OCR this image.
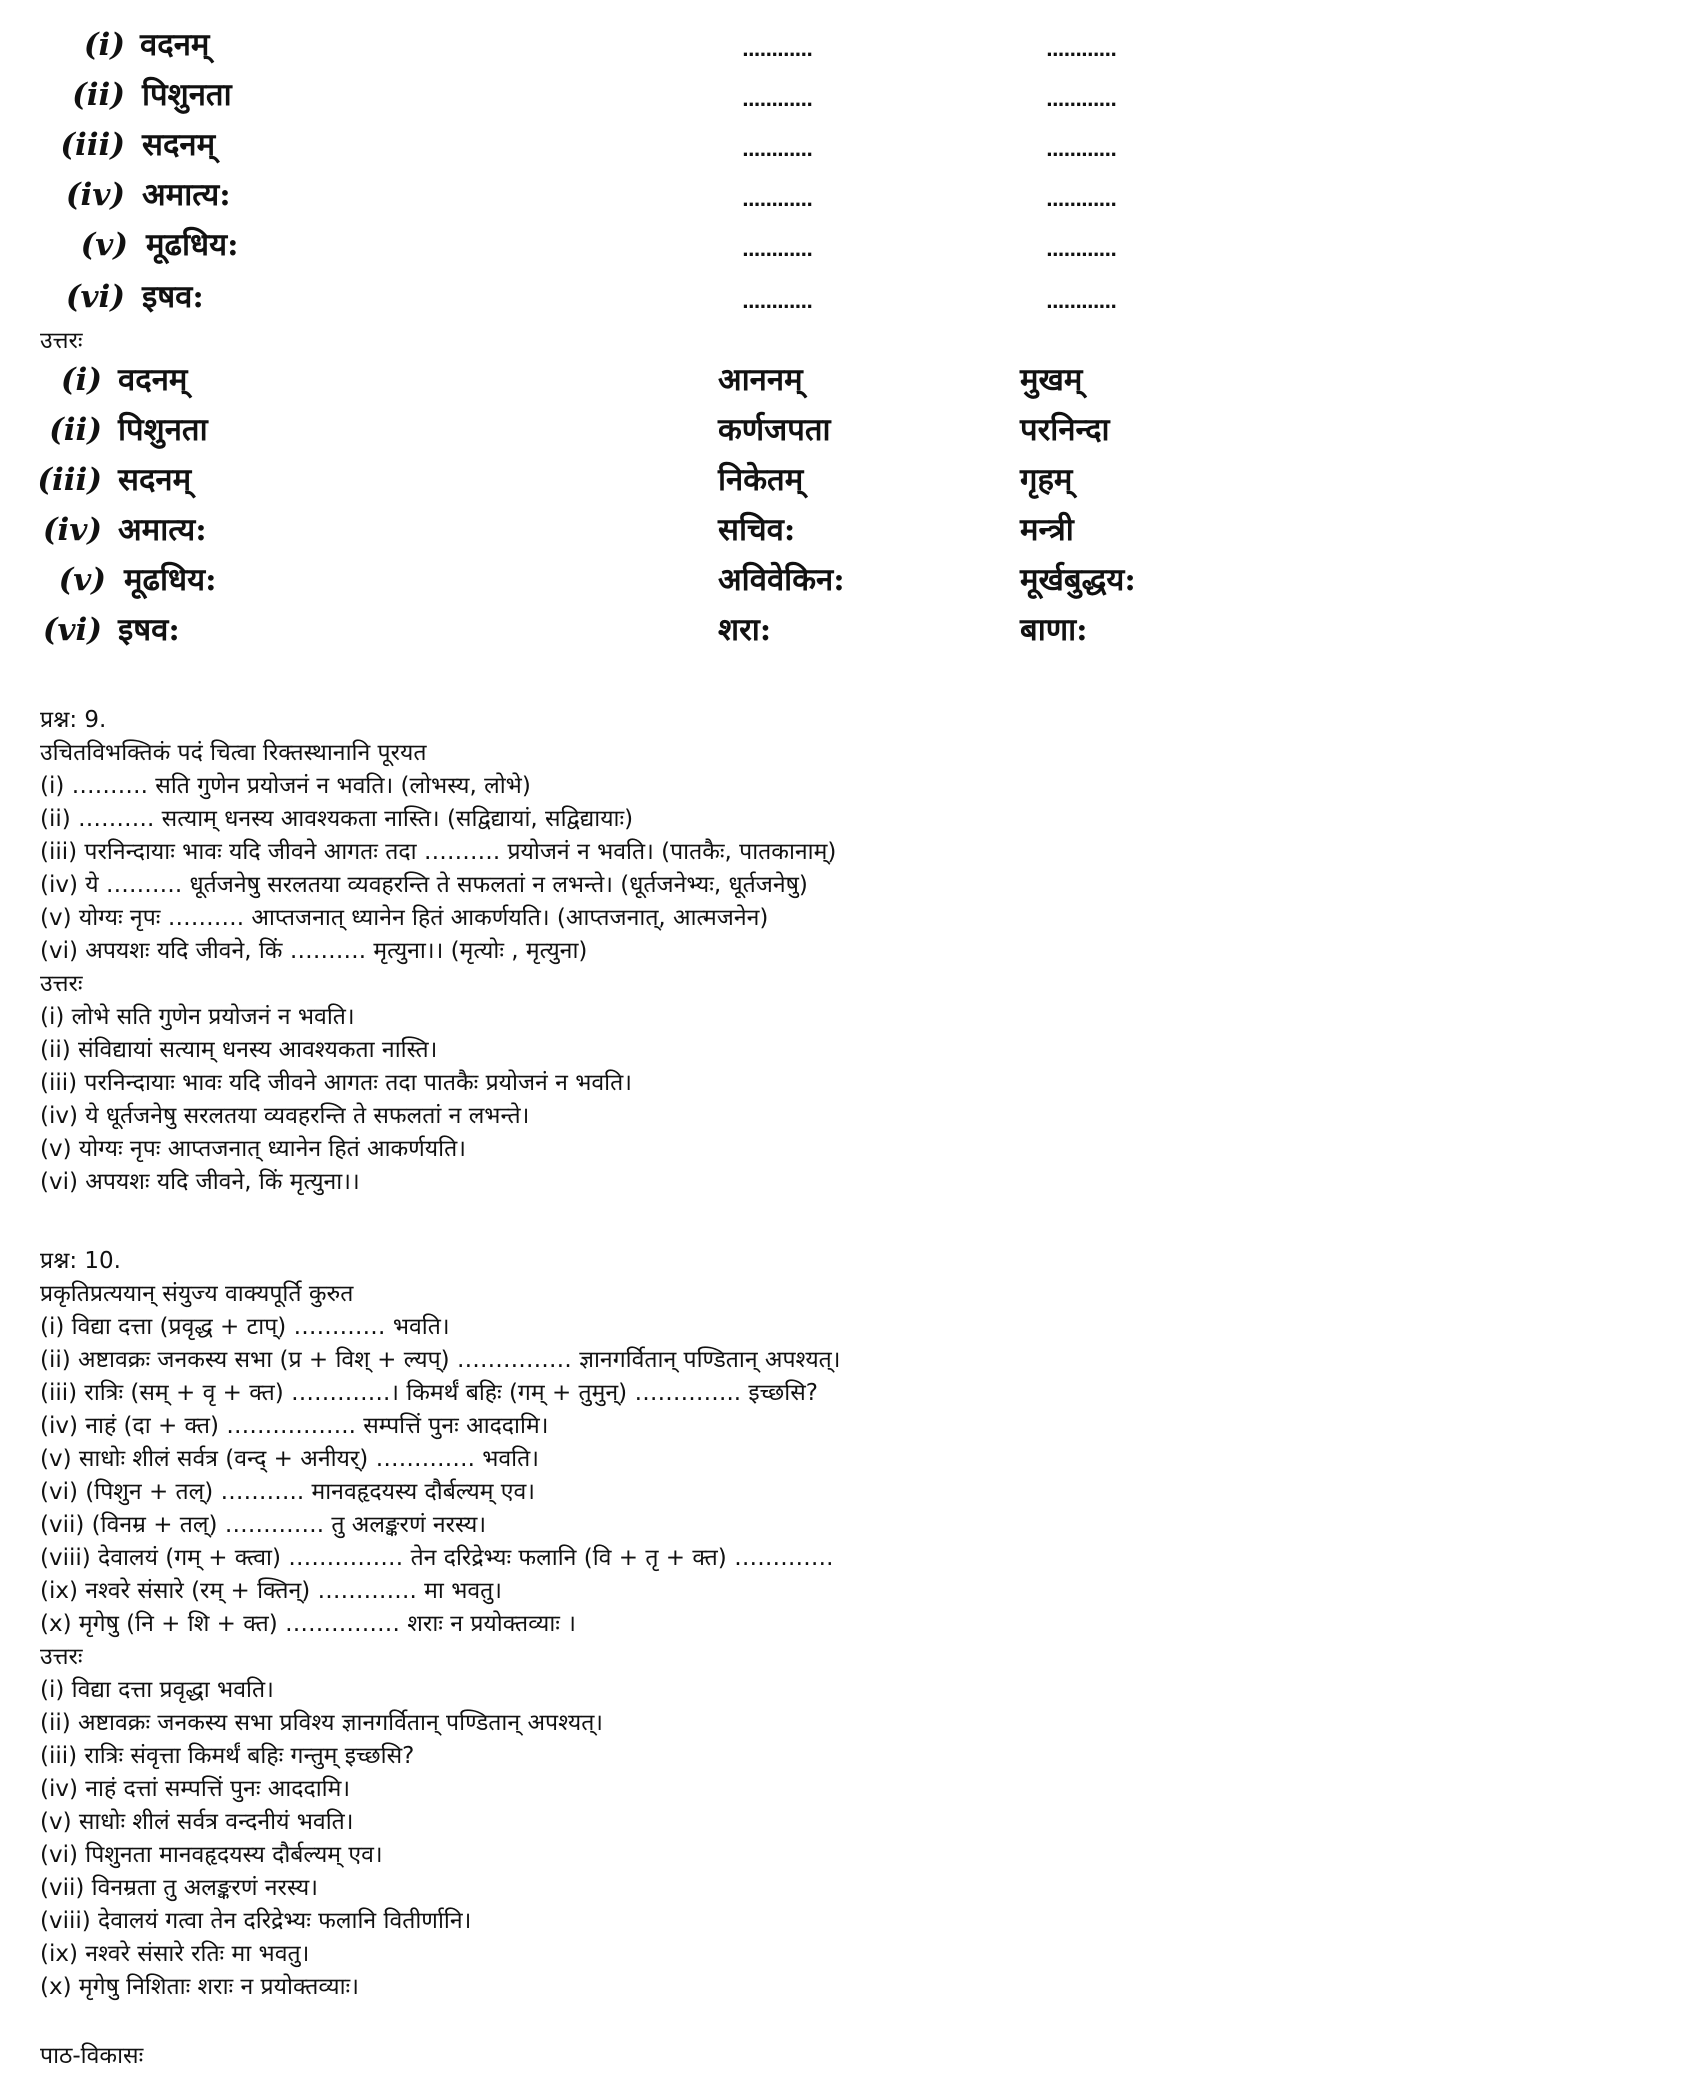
(i) वदनम्	............	............
(ii) पिशुनता	............	............
(iii) सदनम्	............	............
(iv) अमात्य:	............	............
(v) मूढधिय:	............	............
(vi) इषव:	............	............
उत्तरः
(i) वदनम्	आननम्	मुखम्
(ii) पिशुनता	कर्णजपता	परनिन्दा
(iii) सदनम्	निकेतम्	गृहम्
(iv) अमात्य:	सचिव:	मन्त्री
(v) मूढधिय:	अविवेकिन:	मूर्खबुद्धय:
(vi) इषव:	शरा:	बाणा:
प्रश्न: 9.
उचितविभक्तिकं पदं चित्वा रिक्तस्थानानि पूरयत
(i) ………. सति गुणेन प्रयोजनं न भवति। (लोभस्य, लोभे)
(ii) ………. सत्याम् धनस्य आवश्यकता नास्ति। (सद्विद्यायां, सद्विद्यायाः)
(iii) परनिन्दायाः भावः यदि जीवने आगतः तदा ………. प्रयोजनं न भवति। (पातकैः, पातकानाम्)
(iv) ये ………. धूर्तजनेषु सरलतया व्यवहरन्ति ते सफलतां न लभन्ते। (धूर्तजनेभ्यः, धूर्तजनेषु)
(v) योग्यः नृपः ………. आप्तजनात् ध्यानेन हितं आकर्णयति। (आप्तजनात्, आत्मजनेन)
(vi) अपयशः यदि जीवने, किं ………. मृत्युना।। (मृत्योः , मृत्युना)
उत्तरः
(i) लोभे सति गुणेन प्रयोजनं न भवति।
(ii) संविद्यायां सत्याम् धनस्य आवश्यकता नास्ति।
(iii) परनिन्दायाः भावः यदि जीवने आगतः तदा पातकैः प्रयोजनं न भवति।
(iv) ये धूर्तजनेषु सरलतया व्यवहरन्ति ते सफलतां न लभन्ते।
(v) योग्यः नृपः आप्तजनात् ध्यानेन हितं आकर्णयति।
(vi) अपयशः यदि जीवने, किं मृत्युना।।
प्रश्न: 10.
प्रकृतिप्रत्ययान् संयुज्य वाक्यपूर्ति कुरुत
(i) विद्या दत्ता (प्रवृद्ध + टाप्) ………… भवति।
(ii) अष्टावक्रः जनकस्य सभा (प्र + विश् + ल्यप्) …………… ज्ञानगर्वितान् पण्डितान् अपश्यत्।
(iii) रात्रिः (सम् + वृ + क्त) ………….। किमर्थं बहिः (गम् + तुमुन्) ………….. इच्छसि?
(iv) नाहं (दा + क्त) …………….. सम्पत्तिं पुनः आददामि।
(v) साधोः शीलं सर्वत्र (वन्द् + अनीयर्) …………. भवति।
(vi) (पिशुन + तल्) ……….. मानवहृदयस्य दौर्बल्यम् एव।
(vii) (विनम्र + तल्) …………. तु अलङ्करणं नरस्य।
(viii) देवालयं (गम् + क्त्वा) …………… तेन दरिद्रेभ्यः फलानि (वि + तृ + क्त) ………….
(ix) नश्वरे संसारे (रम् + क्तिन्) …………. मा भवतु।
(x) मृगेषु (नि + शि + क्त) …………… शराः न प्रयोक्तव्याः ।
उत्तरः
(i) विद्या दत्ता प्रवृद्धा भवति।
(ii) अष्टावक्रः जनकस्य सभा प्रविश्य ज्ञानगर्वितान् पण्डितान् अपश्यत्।
(iii) रात्रिः संवृत्ता किमर्थं बहिः गन्तुम् इच्छसि?
(iv) नाहं दत्तां सम्पत्तिं पुनः आददामि।
(v) साधोः शीलं सर्वत्र वन्दनीयं भवति।
(vi) पिशुनता मानवहृदयस्य दौर्बल्यम् एव।
(vii) विनम्रता तु अलङ्करणं नरस्य।
(viii) देवालयं गत्वा तेन दरिद्रेभ्यः फलानि वितीर्णानि।
(ix) नश्वरे संसारे रतिः मा भवतु।
(x) मृगेषु निशिताः शराः न प्रयोक्तव्याः।
पाठ-विकासः
